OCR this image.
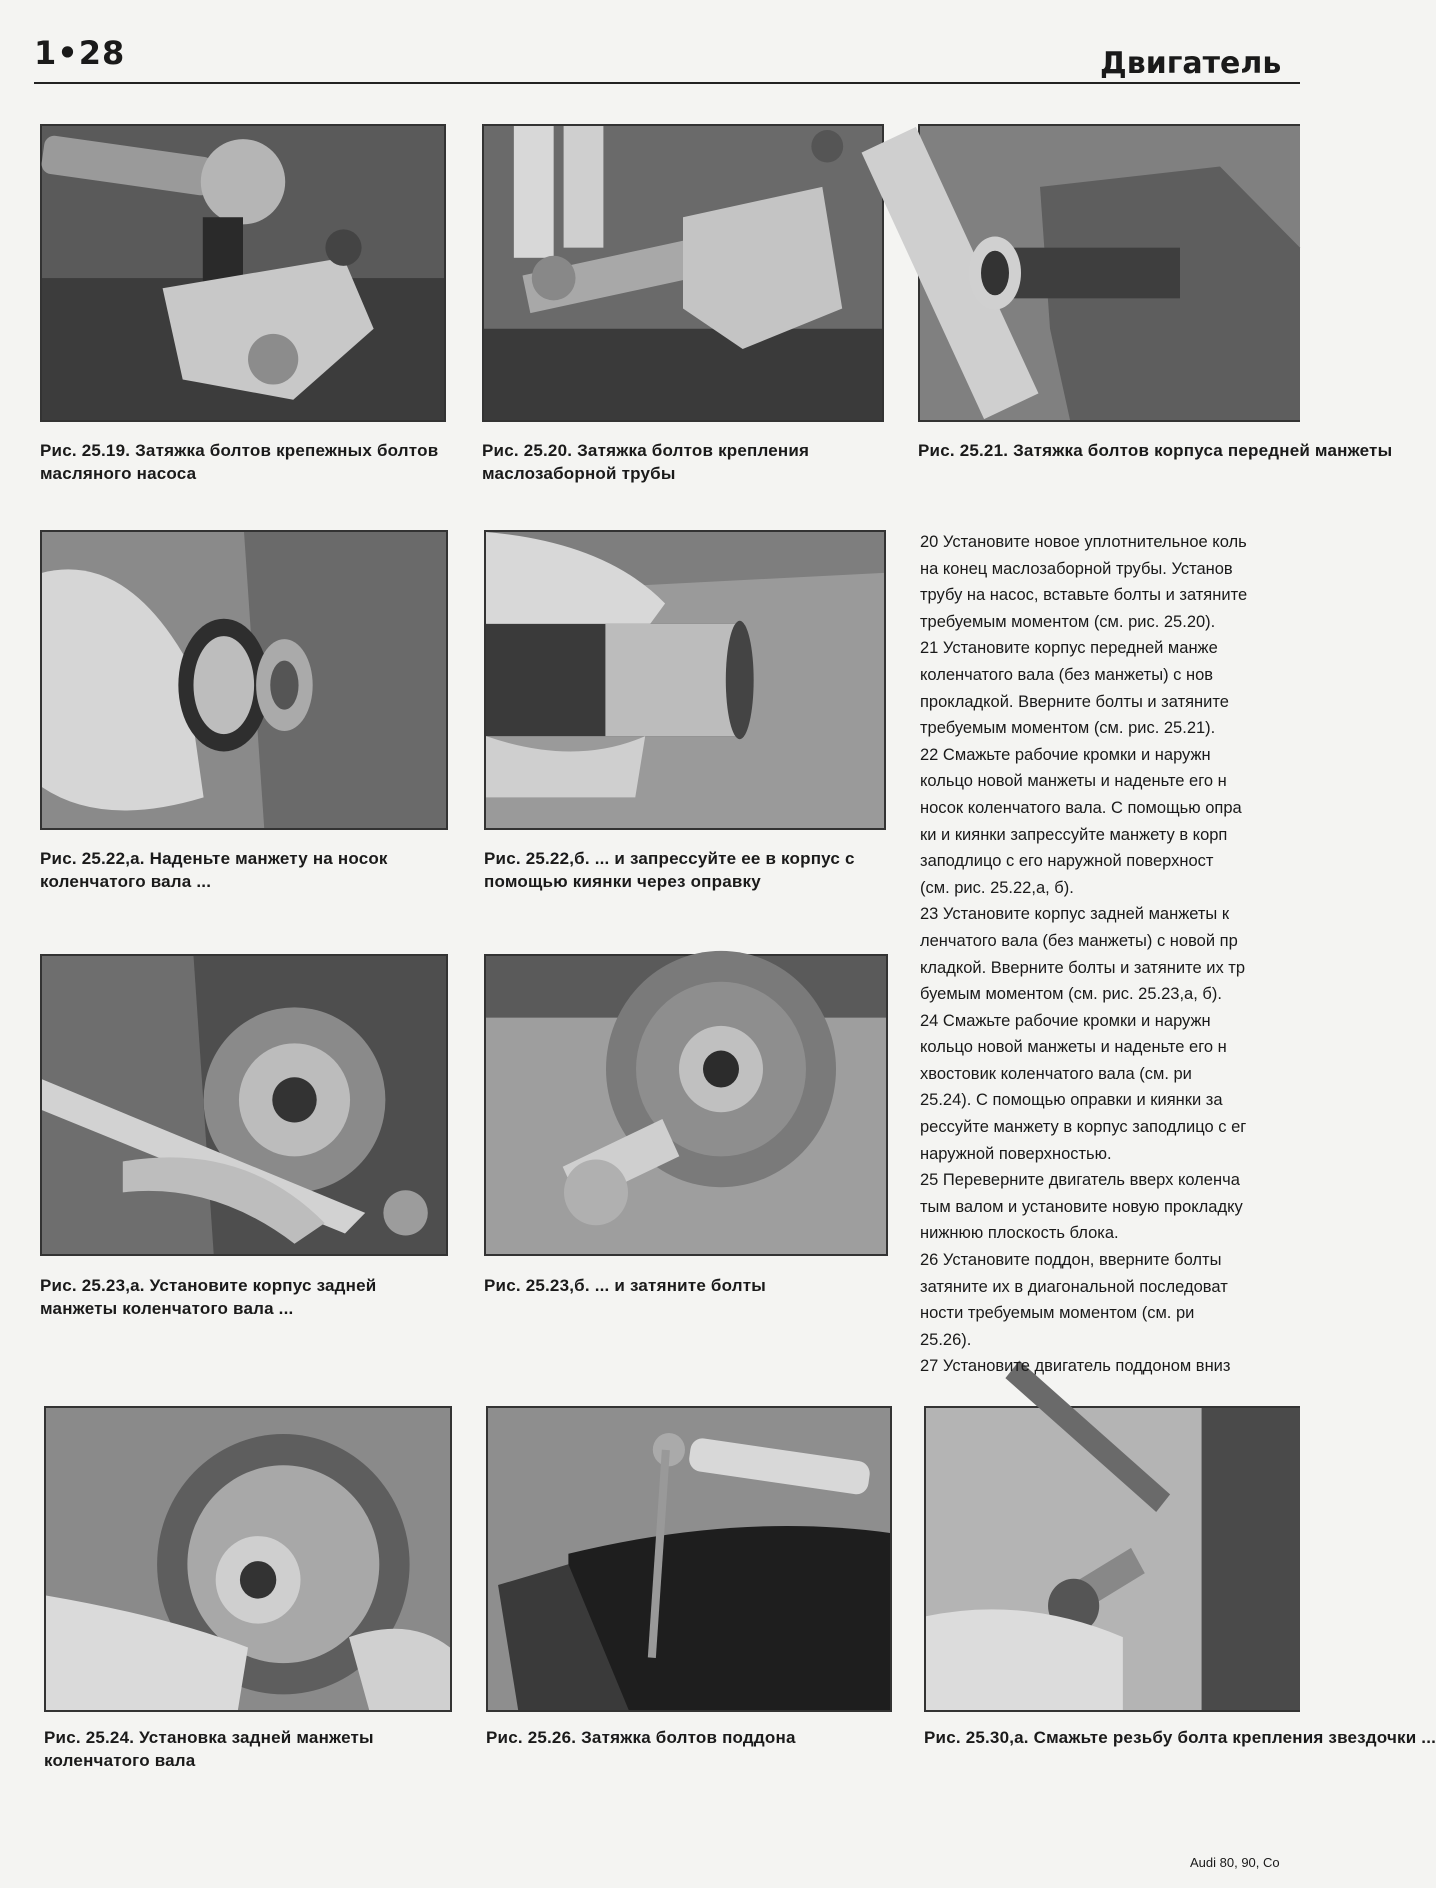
1•28	Двигатель
Рис. 25.19. Затяжка болтов крепежных болтов масляного насоса
Рис. 25.20. Затяжка болтов крепления маслозаборной трубы
Рис. 25.21. Затяжка болтов корпуса передней манжеты
Рис. 25.22,а. Наденьте манжету на носок коленчатого вала ...
Рис. 25.22,б. ... и запрессуйте ее в корпус с помощью киянки через оправку
Рис. 25.23,а. Установите корпус задней манжеты коленчатого вала ...
Рис. 25.23,б. ... и затяните болты
Рис. 25.24. Установка задней манжеты коленчатого вала
Рис. 25.26. Затяжка болтов поддона	Рис. 25.30,а. Смажьте резьбу болта крепления звездочки ...

20 Установите новое уплотнительное коль

на конец маслозаборной трубы. Установ

трубу на насос, вставьте болты и затяните

требуемым моментом (см. рис. 25.20).

21 Установите корпус передней манже

коленчатого вала (без манжеты) с нов

прокладкой. Вверните болты и затяните

требуемым моментом (см. рис. 25.21).

22 Смажьте рабочие кромки и наружн

кольцо новой манжеты и наденьте его н

носок коленчатого вала. С помощью опра

ки и киянки запрессуйте манжету в корп

заподлицо с его наружной поверхност

(см. рис. 25.22,а, б).

23 Установите корпус задней манжеты к

ленчатого вала (без манжеты) с новой пр

кладкой. Вверните болты и затяните их тр

буемым моментом (см. рис. 25.23,а, б).

24 Смажьте рабочие кромки и наружн

кольцо новой манжеты и наденьте его н

хвостовик коленчатого вала (см. ри

25.24). С помощью оправки и киянки за

рессуйте манжету в корпус заподлицо с ег

наружной поверхностью.

25 Переверните двигатель вверх коленча

тым валом и установите новую прокладку

нижнюю плоскость блока.

26 Установите поддон, вверните болты

затяните их в диагональной последоват

ности требуемым моментом (см. ри

25.26).

27 Установите двигатель поддоном вниз

Audi 80, 90, Co
